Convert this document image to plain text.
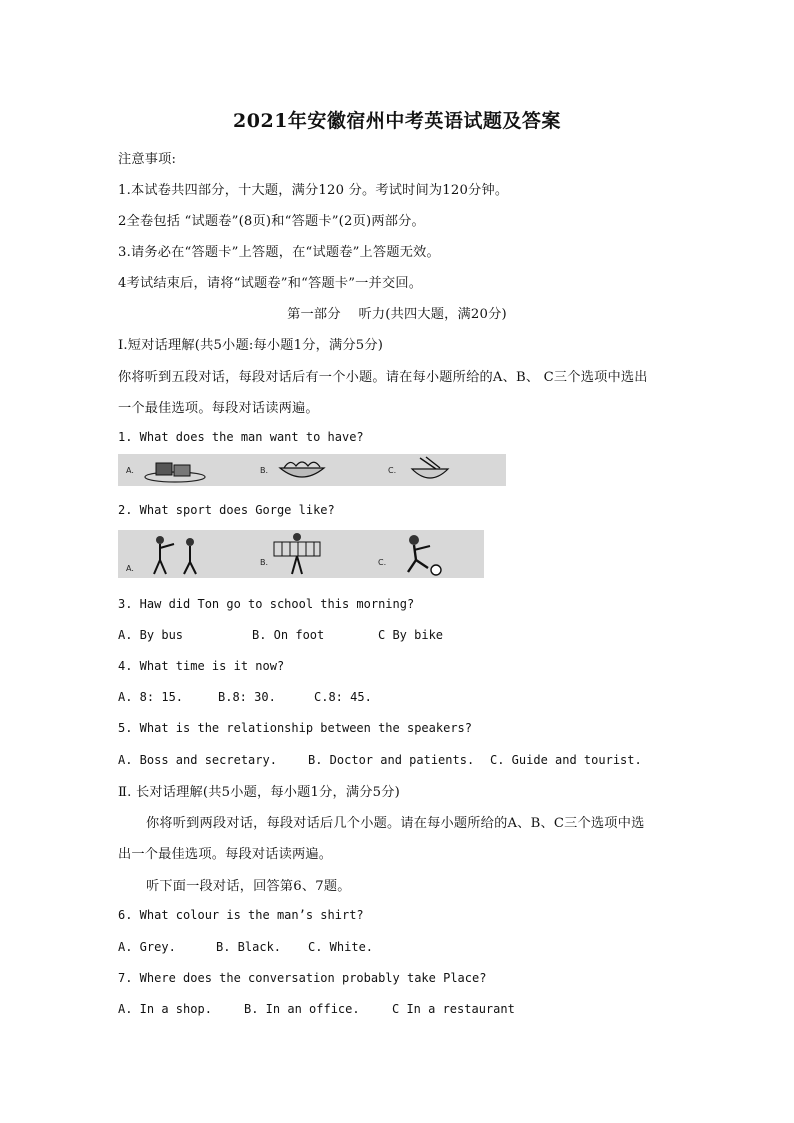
2021年安徽宿州中考英语试题及答案
注意事项:
1.本试卷共四部分，十大题，满分120 分。考试时间为120分钟。
2全卷包括 “试题卷”(8页)和“答题卡”(2页)两部分。
3.请务必在“答题卡”上答题，在“试题卷”上答题无效。
4考试结束后，请将“试题卷”和“答题卡”一并交回。
第一部分　 听力(共四大题，满20分)
Ⅰ.短对话理解(共5小题:每小题1分，满分5分)
你将听到五段对话，每段对话后有一个小题。请在每小题所给的A、B、 C三个选项中选出
一个最佳选项。每段对话读两遍。
1. What does the man want to have?
A.	B.	C.
2. What sport does Gorge like?
A.
B.	C.
3. Haw did Ton go to school this morning?
A. By bus	B. On foot	C By bike
4. What time is it now?
A. 8: 15.	B.8: 30.	C.8: 45.
5. What is the relationship between the speakers?
A. Boss and secretary.	B. Doctor and patients. C. Guide and tourist.
Ⅱ. 长对话理解(共5小题，每小题1分，满分5分)
你将听到两段对话，每段对话后几个小题。请在每小题所给的A、B、C三个选项中选
出一个最佳选项。每段对话读两遍。
听下面一段对话，回答第6、7题。
6. What colour is the man’s shirt?
A. Grey.	B. Black. C. White.
7. Where does the conversation probably take Place?
A. In a shop.	B. In an office.	C In a restaurant
